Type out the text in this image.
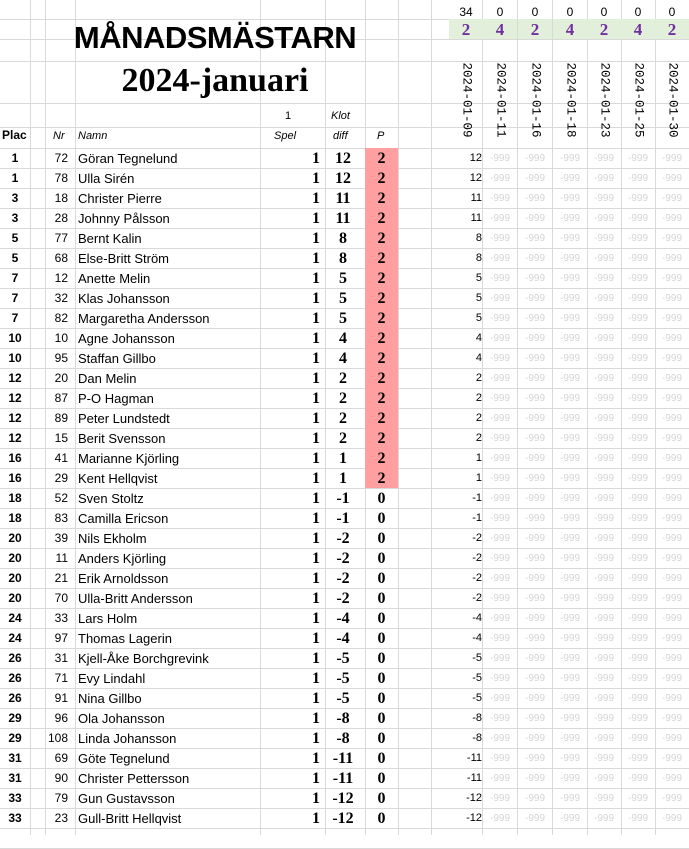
MÅNADSMÄSTARN
2024-januari
34	0	0	0	0	0	0
2	4	2	4	2	4	2
2024-01-09 2024-01-11 2024-01-16 2024-01-18 2024-01-23 2024-01-25 2024-01-30
Plac Nr Namn
1
Spel
Klot
diff	P
1	72 Göran Tegnelund	1 12	2	12 -999	-999	-999	-999	-999	-999
1	78 Ulla Sirén	1 12	2	12 -999	-999	-999	-999	-999	-999
3	18 Christer Pierre	1 11	2	11 -999	-999	-999	-999	-999	-999
3	28 Johnny Pålsson	1 11	2	11 -999	-999	-999	-999	-999	-999
5	77 Bernt Kalin	1	8	2	8 -999	-999	-999	-999	-999	-999
5	68 Else-Britt Ström	1	8	2	8 -999	-999	-999	-999	-999	-999
7	12 Anette Melin	1	5	2	5 -999	-999	-999	-999	-999	-999
7	32 Klas Johansson	1	5	2	5 -999	-999	-999	-999	-999	-999
7	82 Margaretha Andersson	1	5	2	5 -999	-999	-999	-999	-999	-999
10	10 Agne Johansson	1	4	2	4 -999	-999	-999	-999	-999	-999
10	95 Staffan Gillbo	1	4	2	4 -999	-999	-999	-999	-999	-999
12	20 Dan Melin	1	2	2	2 -999	-999	-999	-999	-999	-999
12	87 P-O Hagman	1	2	2	2 -999	-999	-999	-999	-999	-999
12	89 Peter Lundstedt	1	2	2	2 -999	-999	-999	-999	-999	-999
12	15 Berit Svensson	1	2	2	2 -999	-999	-999	-999	-999	-999
16	41 Marianne Kjörling	1	1	2	1 -999	-999	-999	-999	-999	-999
16	29 Kent Hellqvist	1	1	2	1 -999	-999	-999	-999	-999	-999
18	52 Sven Stoltz	1	-1	0	-1 -999	-999	-999	-999	-999	-999
18	83 Camilla Ericson	1	-1	0	-1 -999	-999	-999	-999	-999	-999
20	39 Nils Ekholm	1	-2	0	-2 -999	-999	-999	-999	-999	-999
20	11 Anders Kjörling	1	-2	0	-2 -999	-999	-999	-999	-999	-999
20	21 Erik Arnoldsson	1	-2	0	-2 -999	-999	-999	-999	-999	-999
20	70 Ulla-Britt Andersson	1	-2	0	-2 -999	-999	-999	-999	-999	-999
24	33 Lars Holm	1	-4	0	-4 -999	-999	-999	-999	-999	-999
24	97 Thomas Lagerin	1	-4	0	-4 -999	-999	-999	-999	-999	-999
26	31 Kjell-Åke Borchgrevink	1	-5	0	-5 -999	-999	-999	-999	-999	-999
26	71 Evy Lindahl	1	-5	0	-5 -999	-999	-999	-999	-999	-999
26	91 Nina Gillbo	1	-5	0	-5 -999	-999	-999	-999	-999	-999
29	96 Ola Johansson	1	-8	0	-8 -999	-999	-999	-999	-999	-999
29	108 Linda Johansson	1	-8	0	-8 -999	-999	-999	-999	-999	-999
31	69 Göte Tegnelund	1 -11	0	-11 -999	-999	-999	-999	-999	-999
31	90 Christer Pettersson	1 -11	0	-11 -999	-999	-999	-999	-999	-999
33	79 Gun Gustavsson	1 -12	0	-12 -999	-999	-999	-999	-999	-999
33	23 Gull-Britt Hellqvist	1 -12	0	-12 -999	-999	-999	-999	-999	-999
